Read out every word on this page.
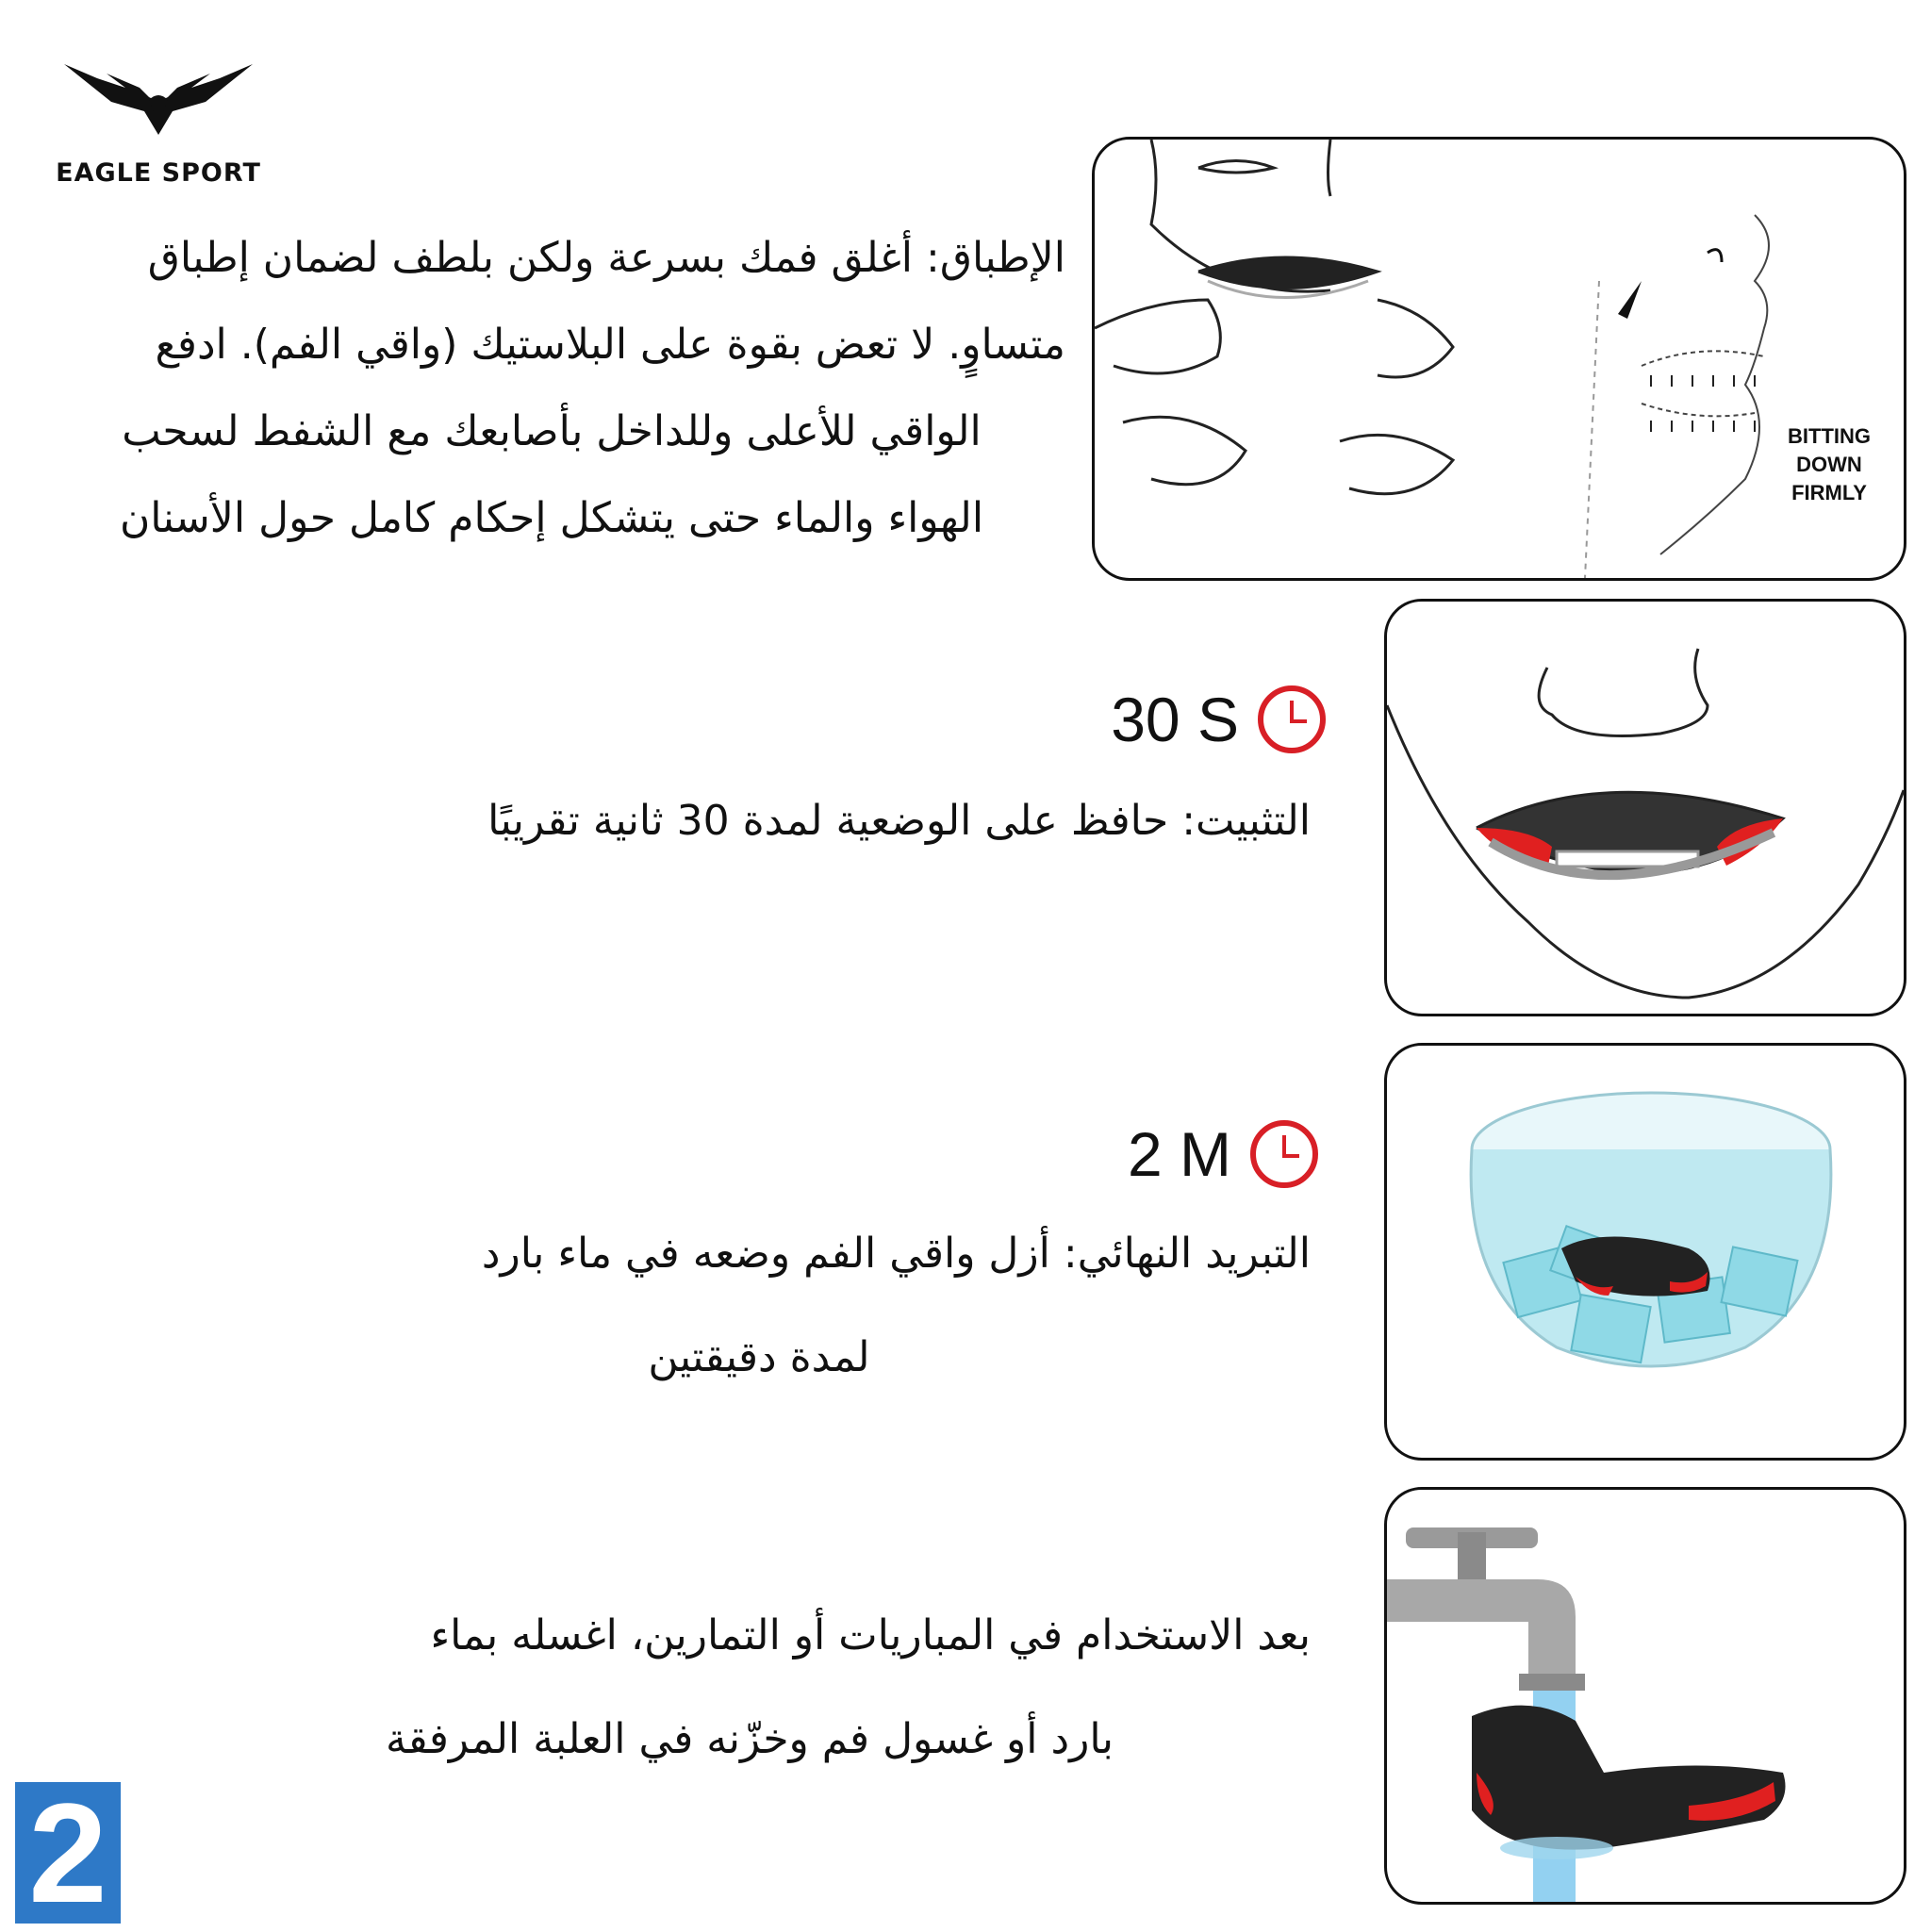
EAGLE SPORT

الإطباق: أغلق فمك بسرعة ولكن بلطف لضمان إطباق

متساوٍ. لا تعض بقوة على البلاستيك (واقي الفم). ادفع

الواقي للأعلى وللداخل بأصابعك مع الشفط لسحب

الهواء والماء حتى يتشكل إحكام كامل حول الأسنان

BITTING
DOWN
FIRMLY
30 S
التثبيت: حافظ على الوضعية لمدة 30 ثانية تقريبًا
2 M
التبريد النهائي: أزل واقي الفم وضعه في ماء بارد
لمدة دقيقتين
بعد الاستخدام في المباريات أو التمارين، اغسله بماء
بارد أو غسول فم وخزّنه في العلبة المرفقة
2
